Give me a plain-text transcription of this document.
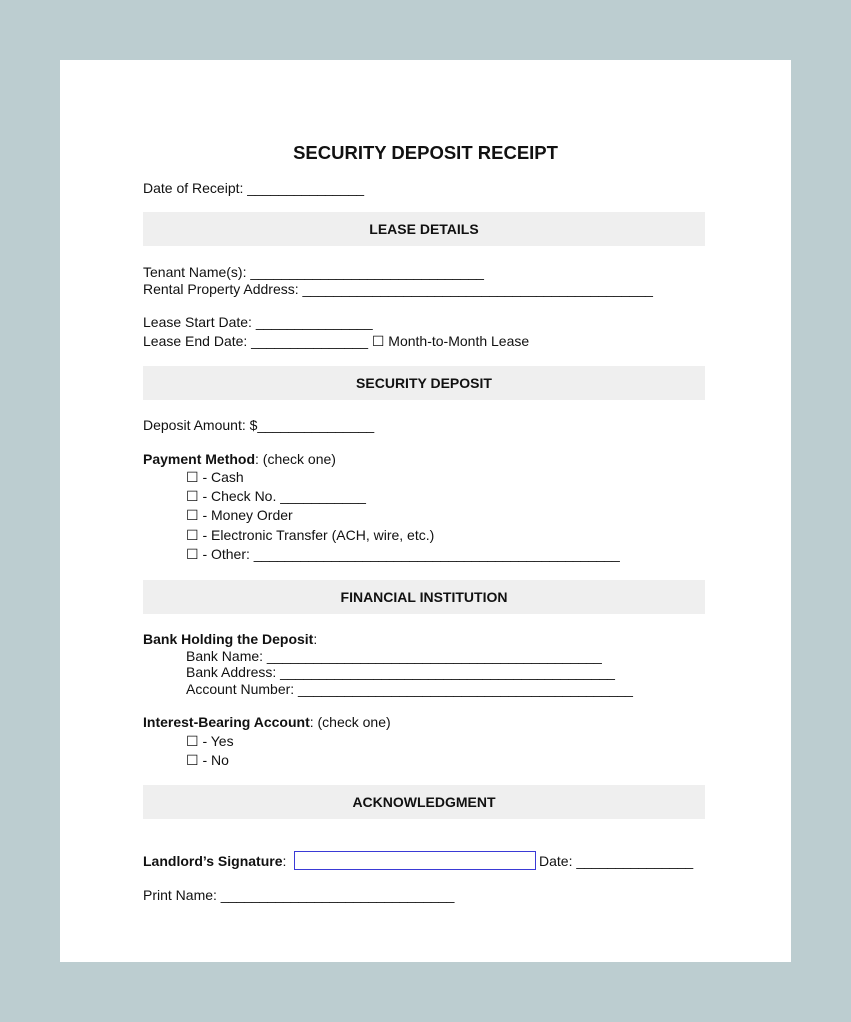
SECURITY DEPOSIT RECEIPT
Date of Receipt: _______________
LEASE DETAILS
Tenant Name(s): ______________________________
Rental Property Address: _____________________________________________
Lease Start Date: _______________
Lease End Date: _______________ ☐ Month-to-Month Lease
SECURITY DEPOSIT
Deposit Amount: $_______________
Payment Method: (check one)
☐ - Cash
☐ - Check No. ___________
☐ - Money Order
☐ - Electronic Transfer (ACH, wire, etc.)
☐ - Other: _______________________________________________
FINANCIAL INSTITUTION
Bank Holding the Deposit:
Bank Name: ___________________________________________
Bank Address: ___________________________________________
Account Number: ___________________________________________
Interest-Bearing Account: (check one)
☐ - Yes
☐ - No
ACKNOWLEDGMENT
Landlord’s Signature:	Date: _______________
Print Name: ______________________________
